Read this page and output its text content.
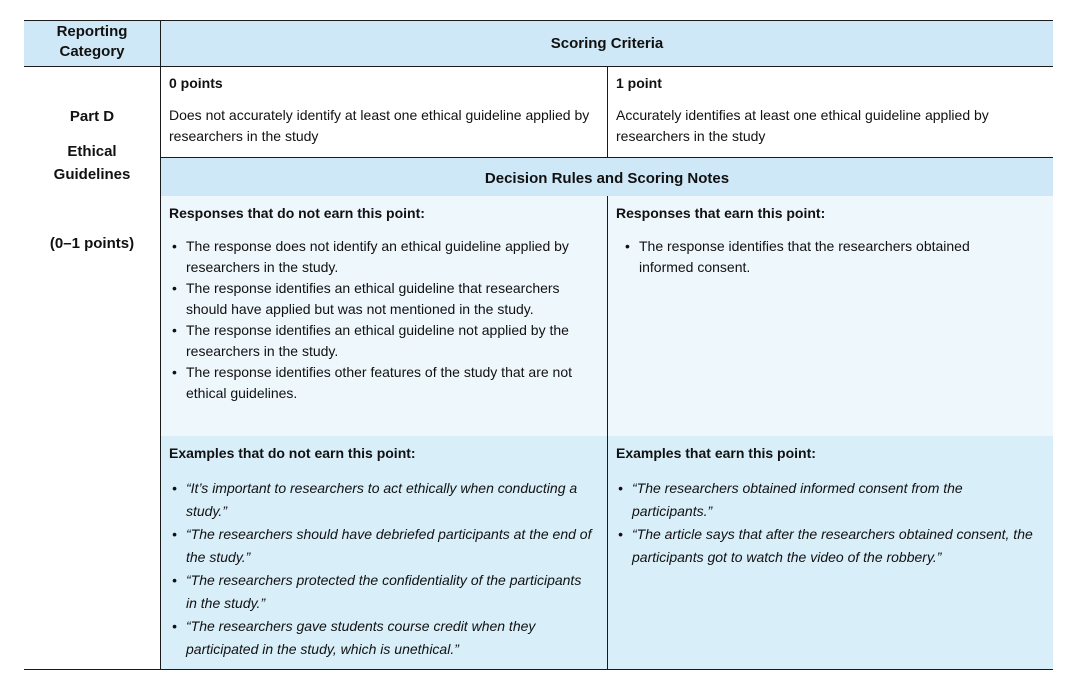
Reporting Category	Scoring Criteria
Part D
Ethical Guidelines
(0–1 points)
0 points
Does not accurately identify at least one ethical guideline applied by researchers in the study
1 point
Accurately identifies at least one ethical guideline applied by researchers in the study
Decision Rules and Scoring Notes
Responses that do not earn this point:
• The response does not identify an ethical guideline applied by researchers in the study.
• The response identifies an ethical guideline that researchers should have applied but was not mentioned in the study.
• The response identifies an ethical guideline not applied by the researchers in the study.
• The response identifies other features of the study that are not ethical guidelines.
Responses that earn this point:
• The response identifies that the researchers obtained informed consent.
Examples that do not earn this point:
• “It’s important to researchers to act ethically when conducting a study.”
• “The researchers should have debriefed participants at the end of the study.”
• “The researchers protected the confidentiality of the participants in the study.”
• “The researchers gave students course credit when they participated in the study, which is unethical.”
Examples that earn this point:
• “The researchers obtained informed consent from the participants.”
• “The article says that after the researchers obtained consent, the participants got to watch the video of the robbery.”
